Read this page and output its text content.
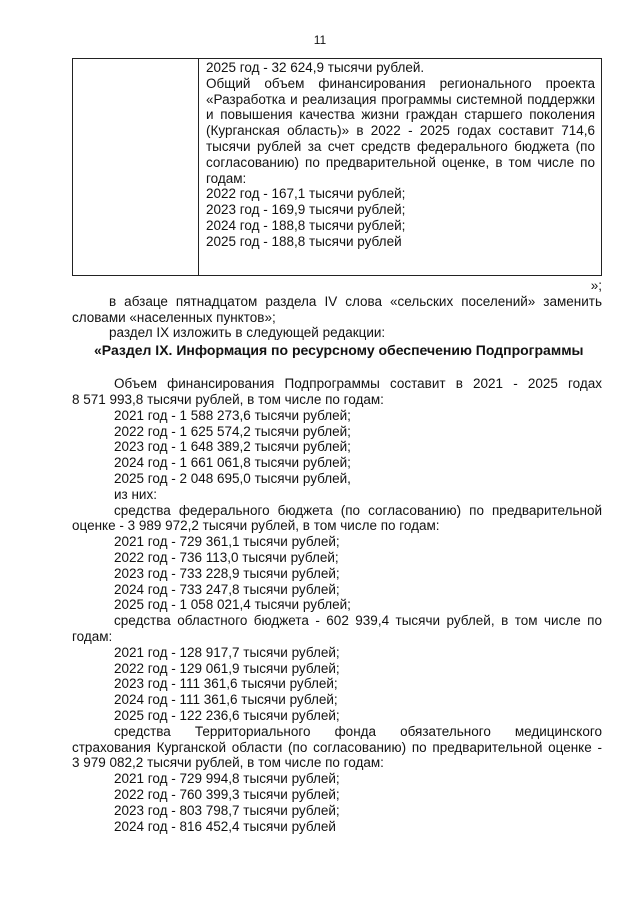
11
2025 год - 32 624,9 тысячи рублей.
Общий объем финансирования регионального проекта
«Разработка и реализация программы системной поддержки
и повышения качества жизни граждан старшего поколения
(Курганская область)» в 2022 - 2025 годах составит 714,6
тысячи рублей за счет средств федерального бюджета (по
согласованию) по предварительной оценке, в том числе по
годам:
2022 год - 167,1 тысячи рублей;
2023 год - 169,9 тысячи рублей;
2024 год - 188,8 тысячи рублей;
2025 год - 188,8 тысячи рублей
»;
в абзаце пятнадцатом раздела IV слова «сельских поселений» заменить
словами «населенных пунктов»;
раздел IX изложить в следующей редакции:
«Раздел IX. Информация по ресурсному обеспечению Подпрограммы
Объем финансирования Подпрограммы составит в 2021 - 2025 годах
8 571 993,8 тысячи рублей, в том числе по годам:
2021 год - 1 588 273,6 тысячи рублей;
2022 год - 1 625 574,2 тысячи рублей;
2023 год - 1 648 389,2 тысячи рублей;
2024 год - 1 661 061,8 тысячи рублей;
2025 год - 2 048 695,0 тысячи рублей,
из них:
средства федерального бюджета (по согласованию) по предварительной
оценке - 3 989 972,2 тысячи рублей, в том числе по годам:
2021 год - 729 361,1 тысячи рублей;
2022 год - 736 113,0 тысячи рублей;
2023 год - 733 228,9 тысячи рублей;
2024 год - 733 247,8 тысячи рублей;
2025 год - 1 058 021,4 тысячи рублей;
средства областного бюджета - 602 939,4 тысячи рублей, в том числе по
годам:
2021 год - 128 917,7 тысячи рублей;
2022 год - 129 061,9 тысячи рублей;
2023 год - 111 361,6 тысячи рублей;
2024 год - 111 361,6 тысячи рублей;
2025 год - 122 236,6 тысячи рублей;
средства Территориального фонда обязательного медицинского
страхования Курганской области (по согласованию) по предварительной оценке -
3 979 082,2 тысячи рублей, в том числе по годам:
2021 год - 729 994,8 тысячи рублей;
2022 год - 760 399,3 тысячи рублей;
2023 год - 803 798,7 тысячи рублей;
2024 год - 816 452,4 тысячи рублей
